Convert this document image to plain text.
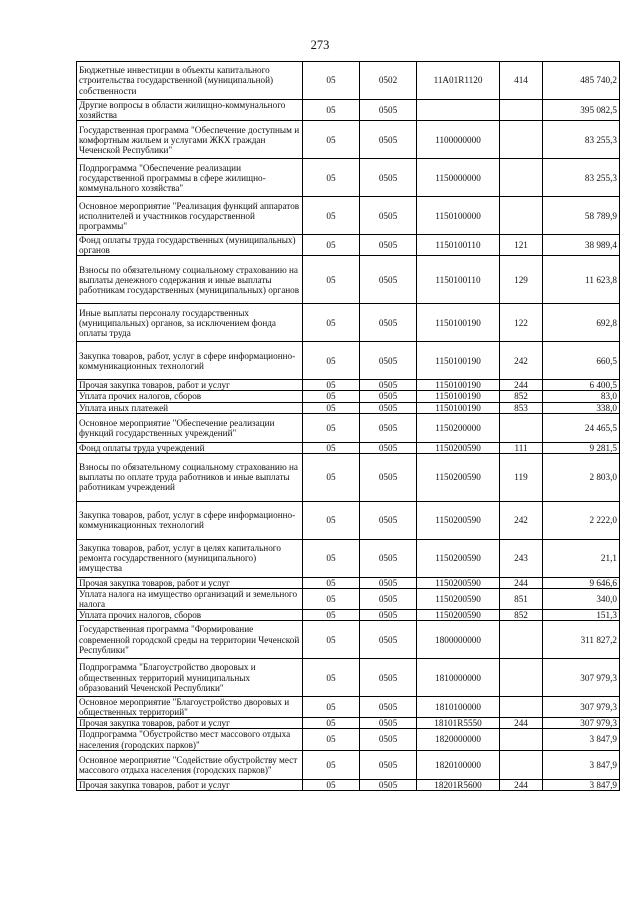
273
Бюджетные инвестиции в объекты капитального строительства государственной (муниципальной) собственности	05	0502	11А01R1120	414	485 740,2
Другие вопросы в области жилищно-коммунального хозяйства	05	0505			395 082,5
Государственная программа "Обеспечение доступным и комфортным жильем и услугами ЖКХ граждан Чеченской Республики"	05	0505	1100000000		83 255,3
Подпрограмма "Обеспечение реализации государственной программы в сфере жилищно-коммунального хозяйства"	05	0505	1150000000		83 255,3
Основное мероприятие "Реализация функций аппаратов исполнителей и участников государственной программы"	05	0505	1150100000		58 789,9
Фонд оплаты труда государственных (муниципальных) органов	05	0505	1150100110	121	38 989,4
Взносы по обязательному социальному страхованию на выплаты денежного содержания и иные выплаты работникам государственных (муниципальных) органов	05	0505	1150100110	129	11 623,8
Иные выплаты персоналу государственных (муниципальных) органов, за исключением фонда оплаты труда	05	0505	1150100190	122	692,8
Закупка товаров, работ, услуг в сфере информационно-коммуникационных технологий	05	0505	1150100190	242	660,5
Прочая закупка товаров, работ и услуг	05	0505	1150100190	244	6 400,5
Уплата прочих налогов, сборов	05	0505	1150100190	852	83,0
Уплата иных платежей	05	0505	1150100190	853	338,0
Основное мероприятие "Обеспечение реализации функций государственных учреждений"	05	0505	1150200000		24 465,5
Фонд оплаты труда учреждений	05	0505	1150200590	111	9 281,5
Взносы по обязательному социальному страхованию на выплаты по оплате труда работников и иные выплаты работникам учреждений	05	0505	1150200590	119	2 803,0
Закупка товаров, работ, услуг в сфере информационно-коммуникационных технологий	05	0505	1150200590	242	2 222,0
Закупка товаров, работ, услуг в целях капитального ремонта государственного (муниципального) имущества	05	0505	1150200590	243	21,1
Прочая закупка товаров, работ и услуг	05	0505	1150200590	244	9 646,6
Уплата налога на имущество организаций и земельного налога	05	0505	1150200590	851	340,0
Уплата прочих налогов, сборов	05	0505	1150200590	852	151,3
Государственная программа "Формирование современной городской среды на территории Чеченской Республики"	05	0505	1800000000		311 827,2
Подпрограмма "Благоустройство дворовых и общественных территорий муниципальных образований Чеченской Республики"	05	0505	1810000000		307 979,3
Основное мероприятие "Благоустройство дворовых и общественных территорий"	05	0505	1810100000		307 979,3
Прочая закупка товаров, работ и услуг	05	0505	18101R5550	244	307 979,3
Подпрограмма "Обустройство мест массового отдыха населения (городских парков)"	05	0505	1820000000		3 847,9
Основное мероприятие "Содействие обустройству мест массового отдыха населения (городских парков)"	05	0505	1820100000		3 847,9
Прочая закупка товаров, работ и услуг	05	0505	18201R5600	244	3 847,9
